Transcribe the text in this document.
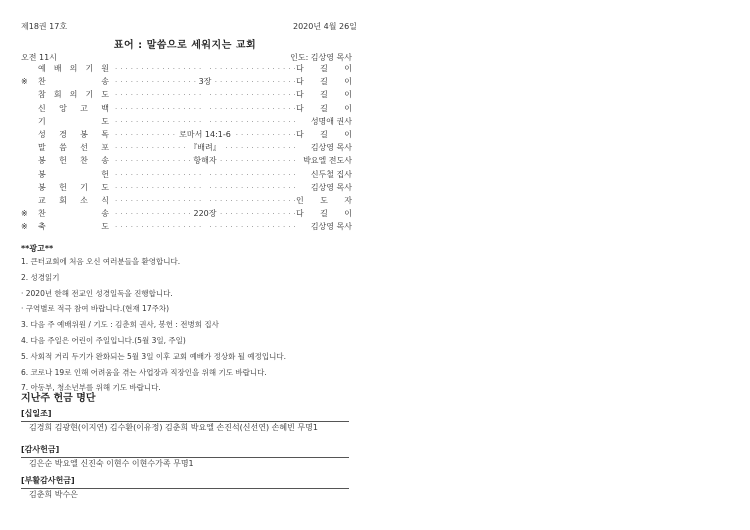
제18권 17호	2020년 4월 26일
표어 : 말씀으로 세워지는 교회
오전 11시	인도: 김상영 목사
예 배 의 기 원 · · ·	다 길 이
※	찬	송 · · ·	3장	다 길 이
참 회 의 기 도 · · ·	다 길 이
신 앙 고 백 · · ·	다 길 이
기	도 · · ·	성명애 권사
성 경 봉 독 · · ·	로마서 14:1-6	다 길 이
말 씀 선 포 · · ·	『배려』	김상영 목사
봉 헌 찬 송 · · ·	항해자	박요엘 전도사
봉	헌 · · ·	신두철 집사
봉 헌 기 도 · · ·	김상영 목사
교 회 소 식 · · ·	인 도 자
※	찬	송 · · ·	220장	다 길 이
※	축	도 · · ·	김상영 목사
**광고**
1. 큰터교회에 처음 오신 여러분들을 환영합니다.
2. 성경읽기
· 2020년 한해 전교인 성경일독을 진행합니다.
· 구역별로 적극 참여 바랍니다.(현재 17주차)
3. 다음 주 예배위원 / 기도 : 김춘희 권사, 봉헌 : 전병희 집사
4. 다음 주일은 어린이 주일입니다.(5월 3일, 주일)
5. 사회적 거리 두기가 완화되는 5월 3일 이후 교회 예배가 정상화 될 예정입니다.
6. 코로나 19로 인해 어려움을 겪는 사업장과 직장인을 위해 기도 바랍니다.
7. 아동부, 청소년부를 위해 기도 바랍니다.
지난주 헌금 명단
[십일조]
김경희 김광현(이지연) 김수환(이유정) 김춘희 박요엘 손진석(신선연) 손혜빈 무명1
[감사헌금]
김은순 박요엘 신진숙 이현수 이현수가족 무명1
[부활감사헌금]
김춘희 박수은
